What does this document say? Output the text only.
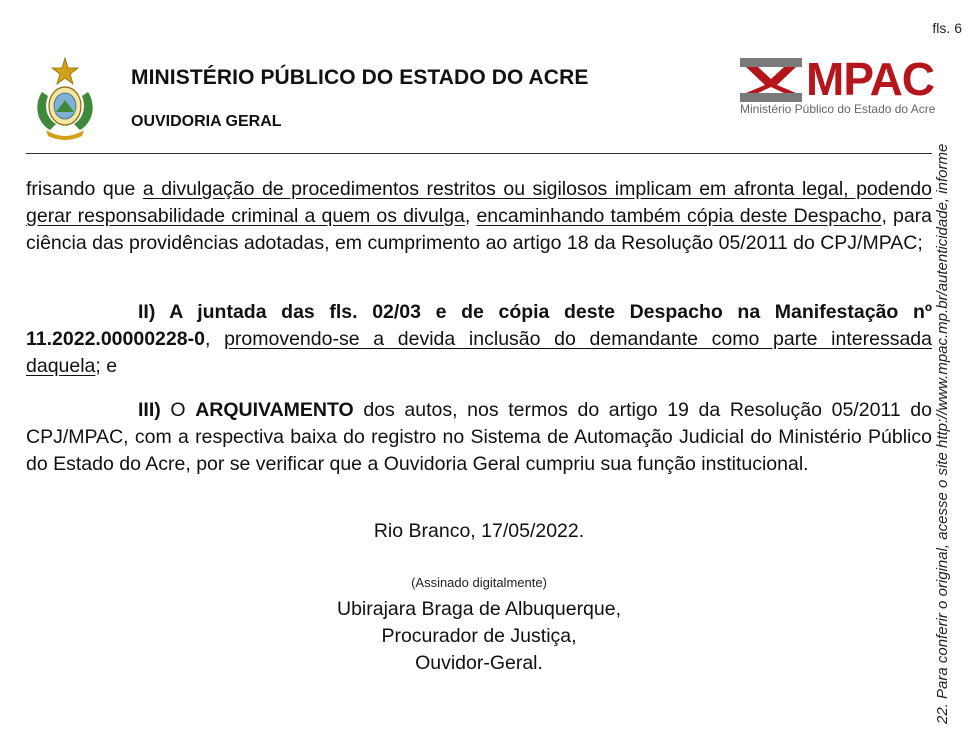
fls. 6
MINISTÉRIO PÚBLICO DO ESTADO DO ACRE
OUVIDORIA GERAL
MPAC
Ministério Público do Estado do Acre
22. Para conferir o original, acesse o site http://www.mpac.mp.br/autenticidade, informe
frisando que a divulgação de procedimentos restritos ou sigilosos implicam em afronta legal, podendo gerar responsabilidade criminal a quem os divulga, encaminhando também cópia deste Despacho, para ciência das providências adotadas, em cumprimento ao artigo 18 da Resolução 05/2011 do CPJ/MPAC;
II) A juntada das fls. 02/03 e de cópia deste Despacho na Manifestação nº 11.2022.00000228-0, promovendo-se a devida inclusão do demandante como parte interessada daquela; e
III) O ARQUIVAMENTO dos autos, nos termos do artigo 19 da Resolução 05/2011 do CPJ/MPAC, com a respectiva baixa do registro no Sistema de Automação Judicial do Ministério Público do Estado do Acre, por se verificar que a Ouvidoria Geral cumpriu sua função institucional.
Rio Branco, 17/05/2022.
(Assinado digitalmente)
Ubirajara Braga de Albuquerque,
Procurador de Justiça,
Ouvidor-Geral.
